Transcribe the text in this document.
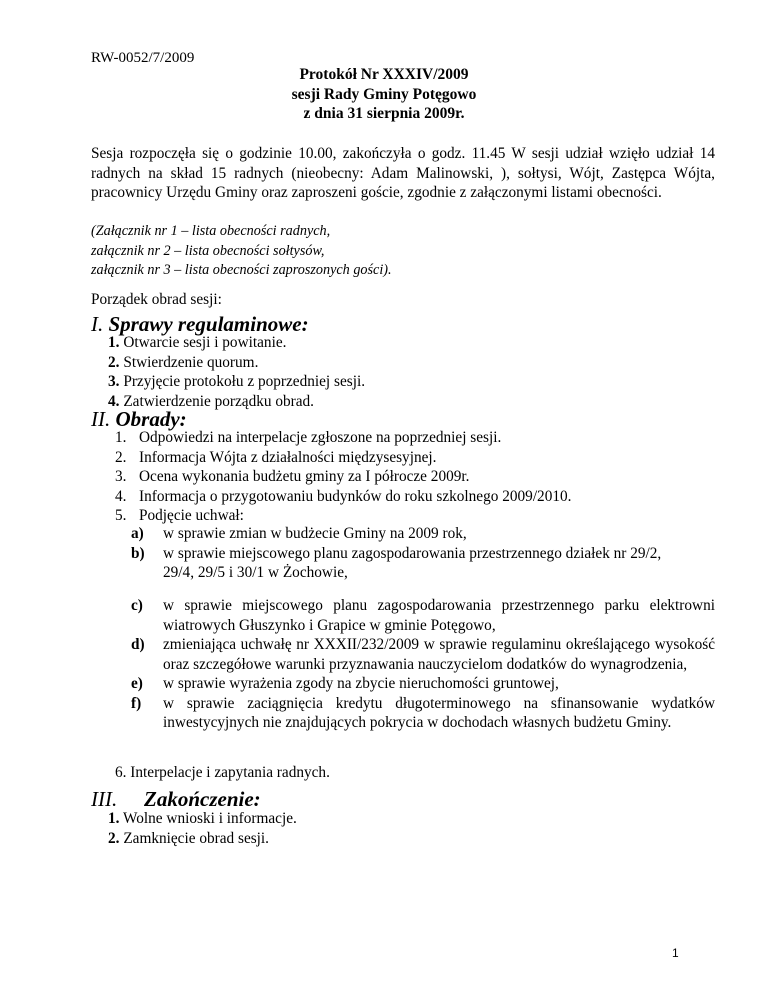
RW-0052/7/2009
Protokół Nr XXXIV/2009
sesji Rady Gminy Potęgowo
z dnia 31 sierpnia 2009r.
Sesja rozpoczęła się o godzinie 10.00, zakończyła o godz. 11.45 W sesji udział wzięło udział 14 radnych na skład 15 radnych (nieobecny: Adam Malinowski, ), sołtysi, Wójt, Zastępca Wójta, pracownicy Urzędu Gminy oraz zaproszeni goście, zgodnie z załączonymi listami obecności.
(Załącznik nr 1 – lista obecności radnych,
załącznik nr 2 – lista obecności sołtysów,
załącznik nr 3 – lista obecności zaproszonych gości).
Porządek obrad sesji:
I. Sprawy regulaminowe:
1. Otwarcie sesji i powitanie.
2. Stwierdzenie quorum.
3. Przyjęcie protokołu z poprzedniej sesji.
4. Zatwierdzenie porządku obrad.
II. Obrady:
1. Odpowiedzi na interpelacje zgłoszone na poprzedniej sesji.
2. Informacja Wójta z działalności międzysesyjnej.
3. Ocena wykonania budżetu gminy za I półrocze 2009r.
4. Informacja o przygotowaniu budynków do roku szkolnego 2009/2010.
5. Podjęcie uchwał:
a) w sprawie zmian w budżecie Gminy na 2009 rok,
b) w sprawie miejscowego planu zagospodarowania przestrzennego działek nr 29/2, 29/4, 29/5 i 30/1 w Żochowie,
c) w sprawie miejscowego planu zagospodarowania przestrzennego parku elektrowni wiatrowych Głuszynko i Grapice w gminie Potęgowo,
d) zmieniająca uchwałę nr XXXII/232/2009 w sprawie regulaminu określającego wysokość oraz szczegółowe warunki przyznawania nauczycielom dodatków do wynagrodzenia,
e) w sprawie wyrażenia zgody na zbycie nieruchomości gruntowej,
f) w sprawie zaciągnięcia kredytu długoterminowego na sfinansowanie wydatków inwestycyjnych nie znajdujących pokrycia w dochodach własnych budżetu Gminy.
6. Interpelacje i zapytania radnych.
III. Zakończenie:
1. Wolne wnioski i informacje.
2. Zamknięcie obrad sesji.
1
